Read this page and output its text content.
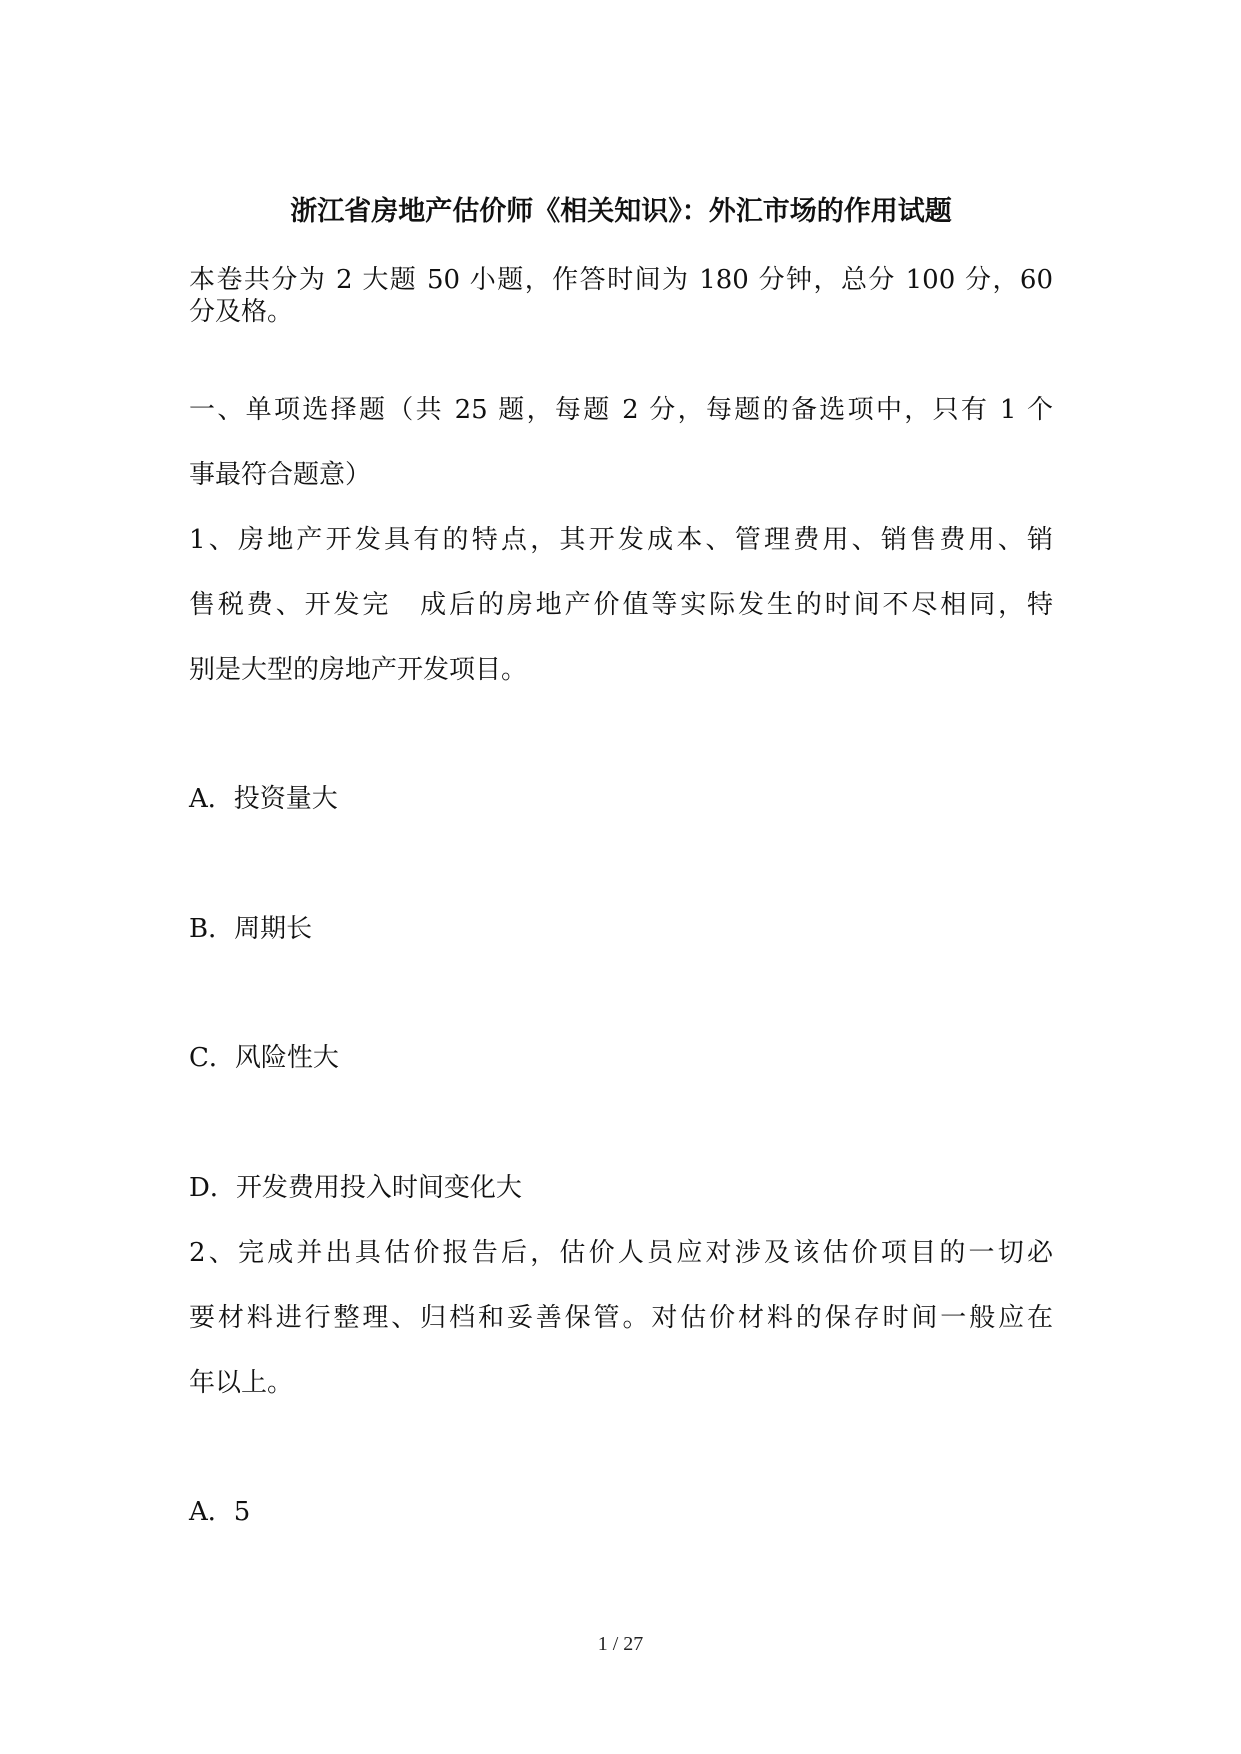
浙江省房地产估价师《相关知识》：外汇市场的作用试题
本卷共分为 2 大题 50 小题，作答时间为 180 分钟，总分 100 分，60
分及格。
一、单项选择题（共 25 题，每题 2 分，每题的备选项中，只有 1 个
事最符合题意）
1、房地产开发具有的特点，其开发成本、管理费用、销售费用、销
售税费、开发完　成后的房地产价值等实际发生的时间不尽相同，特
别是大型的房地产开发项目。
A．投资量大
B．周期长
C．风险性大
D．开发费用投入时间变化大
2、完成并出具估价报告后，估价人员应对涉及该估价项目的一切必
要材料进行整理、归档和妥善保管。对估价材料的保存时间一般应在
年以上。
A．5
1 / 27
